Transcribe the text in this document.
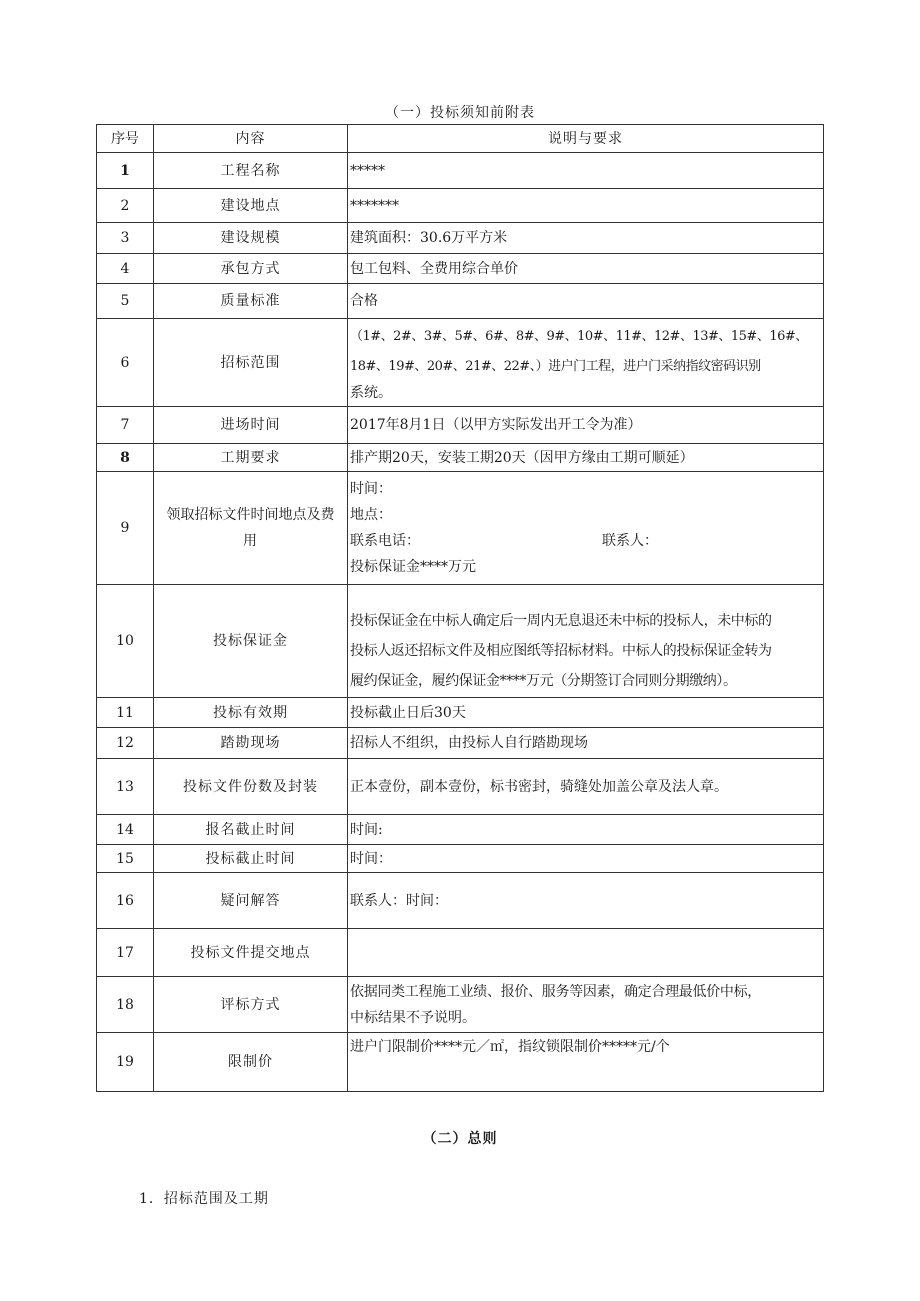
（一）投标须知前附表
序号	内容	说明与要求
1	工程名称	*****

2	建设地点	*******

3	建设规模	建筑面积：30.6万平方米

4	承包方式	包工包料、全费用综合单价

5	质量标准	合格

6	招标范围	（1#、2#、3#、5#、6#、8#、9#、10#、11#、12#、13#、15#、16#、
18#、19#、20#、21#、22#、）进户门工程，进户门采纳指纹密码识别
系统。

7	进场时间	2017年8月1日（以甲方实际发出开工令为准）

8	工期要求	排产期20天，安装工期20天（因甲方缘由工期可顺延）

9	领取招标文件时间地点及费
用	时间：
地点：
联系电话： 联系人：
投标保证金****万元

10	投标保证金	投标保证金在中标人确定后一周内无息退还未中标的投标人，未中标的
投标人返还招标文件及相应图纸等招标材料。中标人的投标保证金转为
履约保证金，履约保证金****万元（分期签订合同则分期缴纳）。

11	投标有效期	投标截止日后30天

12	踏勘现场	招标人不组织，由投标人自行踏勘现场

13	投标文件份数及封装	正本壹份，副本壹份，标书密封，骑缝处加盖公章及法人章。

14	报名截止时间	时间:

15	投标截止时间	时间：

16	疑问解答	联系人：时间：

17	投标文件提交地点	
18	评标方式	依据同类工程施工业绩、报价、服务等因素，确定合理最低价中标，
中标结果不予说明。

19	限制价	进户门限制价****元／㎡，指纹锁限制价*****元/个
（二）总则
1．招标范围及工期
